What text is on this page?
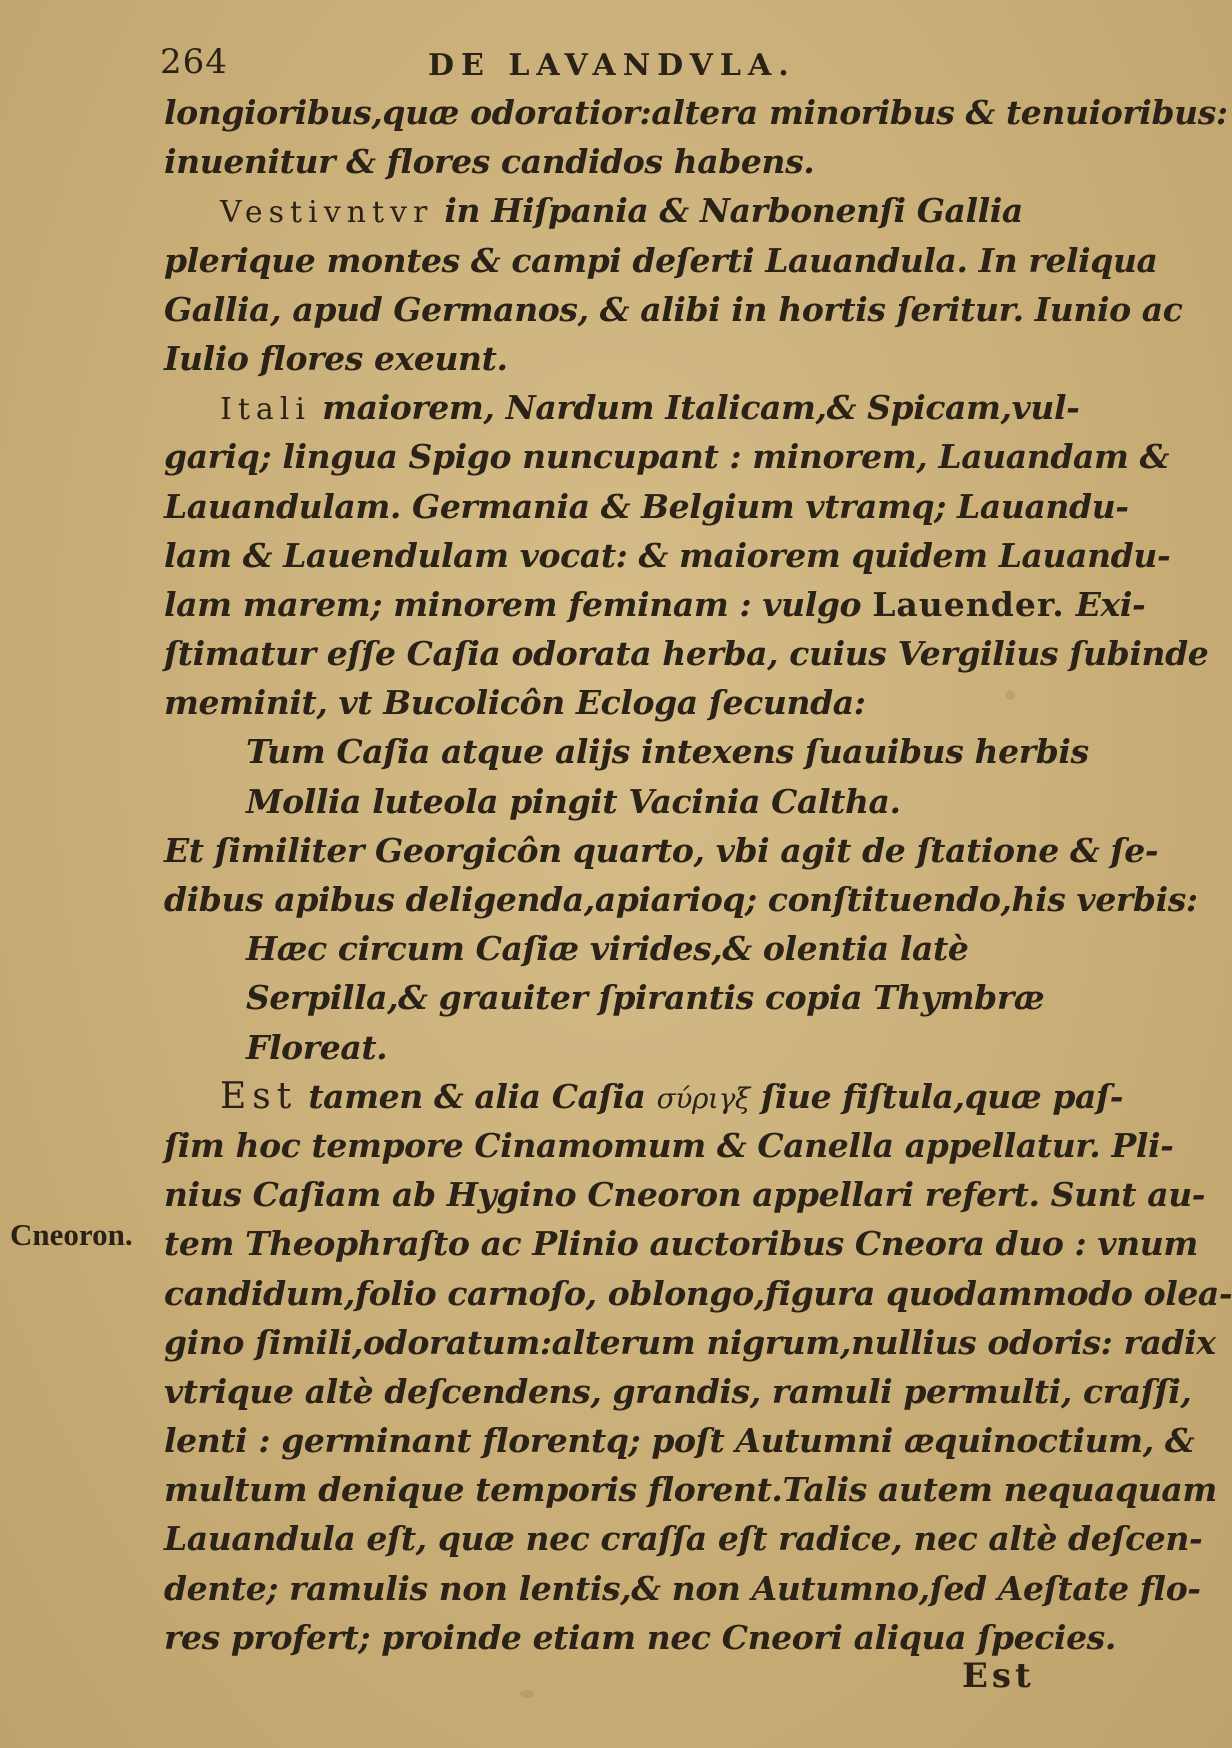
264	DE LAVANDVLA.
longioribus,quæ odoratior:altera minoribus & tenuioribus:
inuenitur & flores candidos habens.
Vestivntvr in Hiſpania & Narbonenſi Gallia
plerique montes & campi deſerti Lauandula. In reliqua
Gallia, apud Germanos, & alibi in hortis ſeritur. Iunio ac
Iulio flores exeunt.
Itali maiorem, Nardum Italicam,& Spicam,vul-
gariq; lingua Spigo nuncupant : minorem, Lauandam &
Lauandulam. Germania & Belgium vtramq; Lauandu-
lam & Lauendulam vocat: & maiorem quidem Lauandu-
lam marem; minorem feminam : vulgo Lauender. Exi-
ſtimatur eſſe Caſia odorata herba, cuius Vergilius ſubinde
meminit, vt Bucolicôn Ecloga ſecunda:
Tum Caſia atque aliјs intexens ſuauibus herbis
Mollia luteola pingit Vacinia Caltha.
Et ſimiliter Georgicôn quarto, vbi agit de ſtatione & ſe-
dibus apibus deligenda,apiarioq; conſtituendo,his verbis:
Hæc circum Caſiæ virides,& olentia latè
Serpilla,& grauiter ſpirantis copia Thymbræ
Floreat.
Est tamen & alia Caſia σύριγξ ſiue fiſtula,quæ paſ-
ſim hoc tempore Cinamomum & Canella appellatur. Pli-
nius Caſiam ab Hygino Cneoron appellari refert. Sunt au-
tem Theophraſto ac Plinio auctoribus Cneora duo : vnum
candidum,folio carnoſo, oblongo,figura quodammodo olea-
gino ſimili,odoratum:alterum nigrum,nullius odoris: radix
vtrique altè deſcendens, grandis, ramuli permulti, craſſi,
lenti : germinant florentq; poſt Autumni æquinoctium, &
multum denique temporis florent.Talis autem nequaquam
Lauandula eſt, quæ nec craſſa eſt radice, nec altè deſcen-
dente; ramulis non lentis,& non Autumno,ſed Aeſtate flo-
res profert; proinde etiam nec Cneori aliqua ſpecies.
Cneoron.
Est
